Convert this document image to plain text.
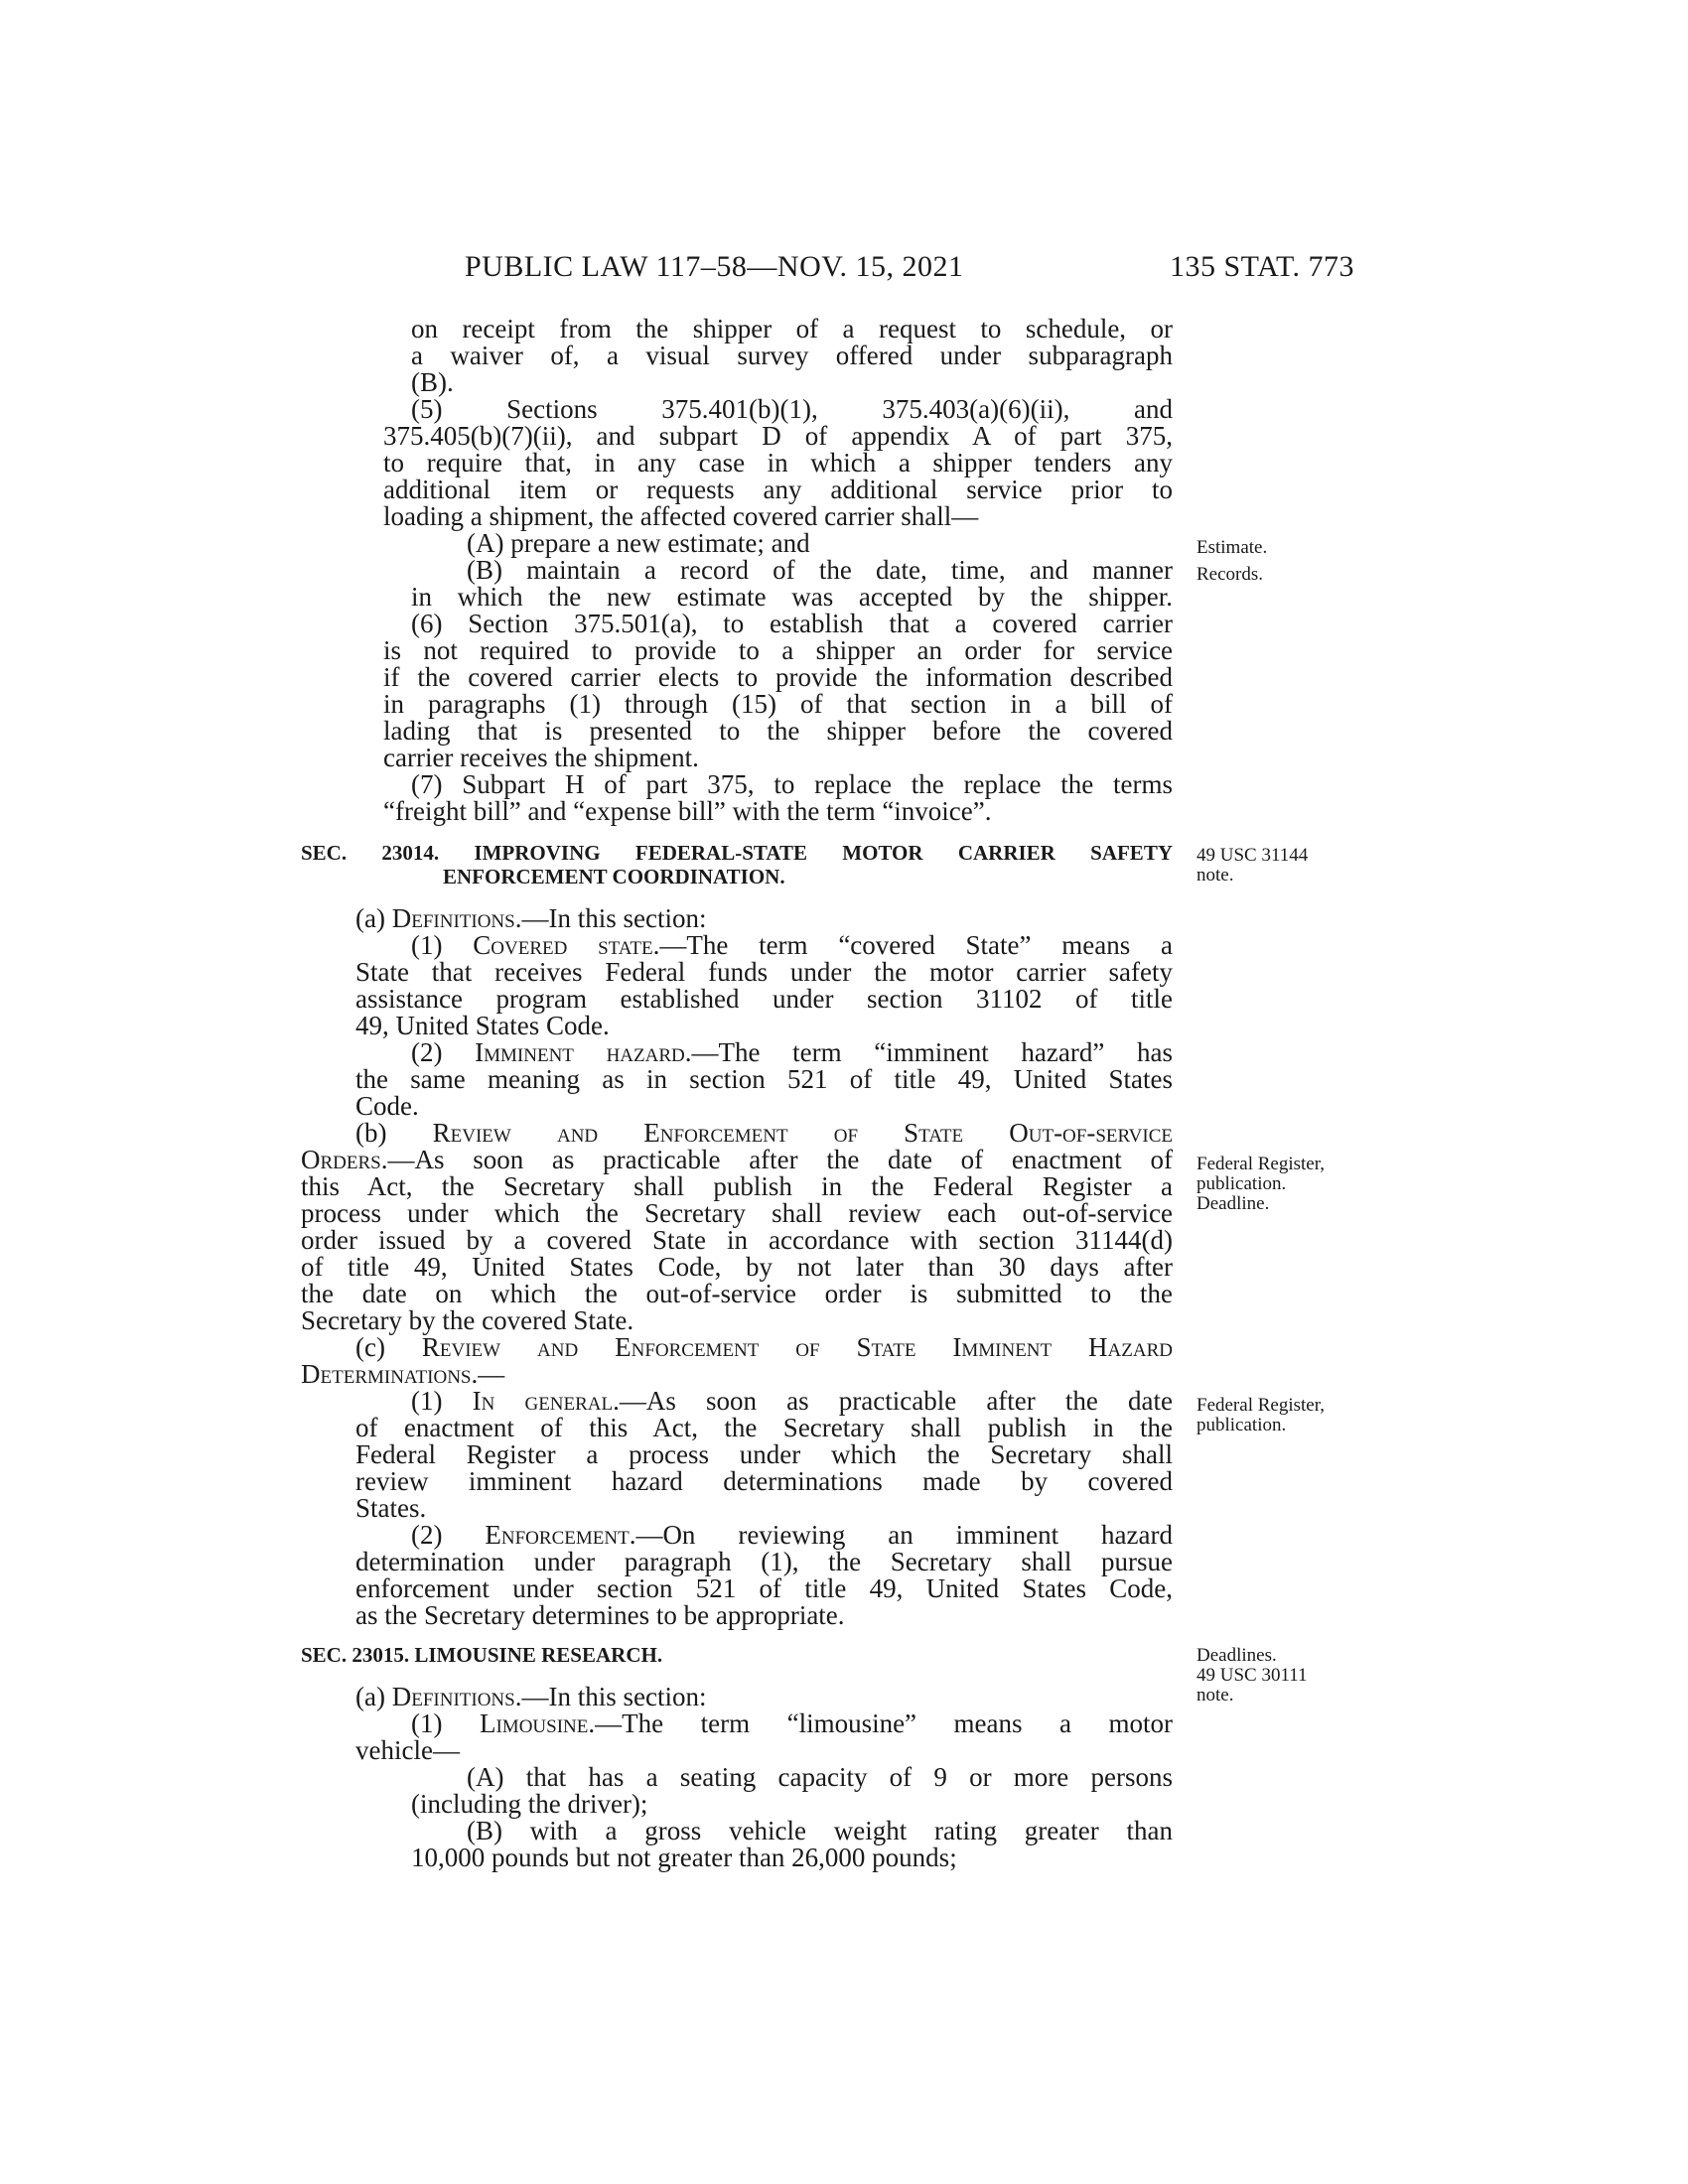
PUBLIC LAW 117–58—NOV. 15, 2021	135 STAT. 773
on receipt from the shipper of a request to schedule, or
a waiver of, a visual survey offered under subparagraph
(B).
(5) Sections 375.401(b)(1), 375.403(a)(6)(ii), and
375.405(b)(7)(ii), and subpart D of appendix A of part 375,
to require that, in any case in which a shipper tenders any
additional item or requests any additional service prior to
loading a shipment, the affected covered carrier shall—
(A) prepare a new estimate; and
(B) maintain a record of the date, time, and manner
in which the new estimate was accepted by the shipper.
(6) Section 375.501(a), to establish that a covered carrier
is not required to provide to a shipper an order for service
if the covered carrier elects to provide the information described
in paragraphs (1) through (15) of that section in a bill of
lading that is presented to the shipper before the covered
carrier receives the shipment.
(7) Subpart H of part 375, to replace the replace the terms
“freight bill” and “expense bill” with the term “invoice”.
SEC. 23014. IMPROVING FEDERAL-STATE MOTOR CARRIER SAFETY
ENFORCEMENT COORDINATION.
(a) Definitions.—In this section:
(1) Covered state.—The term “covered State” means a
State that receives Federal funds under the motor carrier safety
assistance program established under section 31102 of title
49, United States Code.
(2) Imminent hazard.—The term “imminent hazard” has
the same meaning as in section 521 of title 49, United States
Code.
(b) Review and Enforcement of State Out-of-service
Orders.—As soon as practicable after the date of enactment of
this Act, the Secretary shall publish in the Federal Register a
process under which the Secretary shall review each out-of-service
order issued by a covered State in accordance with section 31144(d)
of title 49, United States Code, by not later than 30 days after
the date on which the out-of-service order is submitted to the
Secretary by the covered State.
(c) Review and Enforcement of State Imminent Hazard
Determinations.—
(1) In general.—As soon as practicable after the date
of enactment of this Act, the Secretary shall publish in the
Federal Register a process under which the Secretary shall
review imminent hazard determinations made by covered
States.
(2) Enforcement.—On reviewing an imminent hazard
determination under paragraph (1), the Secretary shall pursue
enforcement under section 521 of title 49, United States Code,
as the Secretary determines to be appropriate.
SEC. 23015. LIMOUSINE RESEARCH.
(a) Definitions.—In this section:
(1) Limousine.—The term “limousine” means a motor
vehicle—
(A) that has a seating capacity of 9 or more persons
(including the driver);
(B) with a gross vehicle weight rating greater than
10,000 pounds but not greater than 26,000 pounds;
Estimate.
Records.
49 USC 31144
note.
Federal Register,
publication.
Deadline.
Federal Register,
publication.
Deadlines.
49 USC 30111
note.
